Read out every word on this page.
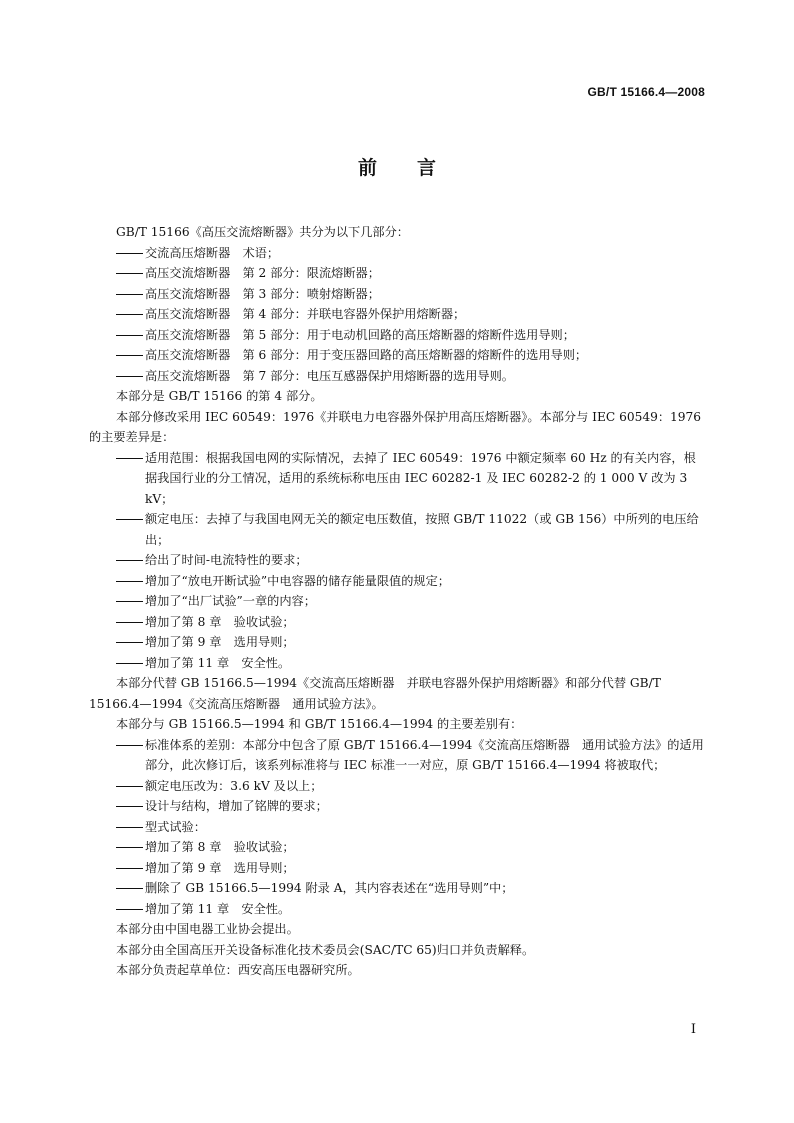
GB/T 15166.4—2008
前言

GB/T 15166《高压交流熔断器》共分为以下几部分：

交流高压熔断器　术语；

高压交流熔断器　第 2 部分：限流熔断器；

高压交流熔断器　第 3 部分：喷射熔断器；

高压交流熔断器　第 4 部分：并联电容器外保护用熔断器；

高压交流熔断器　第 5 部分：用于电动机回路的高压熔断器的熔断件选用导则；

高压交流熔断器　第 6 部分：用于变压器回路的高压熔断器的熔断件的选用导则；

高压交流熔断器　第 7 部分：电压互感器保护用熔断器的选用导则。

本部分是 GB/T 15166 的第 4 部分。

本部分修改采用 IEC 60549：1976《并联电力电容器外保护用高压熔断器》。本部分与 IEC 60549：1976 的主要差异是：

适用范围：根据我国电网的实际情况，去掉了 IEC 60549：1976 中额定频率 60 Hz 的有关内容，根据我国行业的分工情况，适用的系统标称电压由 IEC 60282-1 及 IEC 60282-2 的 1 000 V 改为 3 kV；

额定电压：去掉了与我国电网无关的额定电压数值，按照 GB/T 11022（或 GB 156）中所列的电压给出；

给出了时间-电流特性的要求；

增加了“放电开断试验”中电容器的储存能量限值的规定；

增加了“出厂试验”一章的内容；

增加了第 8 章　验收试验；

增加了第 9 章　选用导则；

增加了第 11 章　安全性。

本部分代替 GB 15166.5—1994《交流高压熔断器　并联电容器外保护用熔断器》和部分代替 GB/T 15166.4—1994《交流高压熔断器　通用试验方法》。

本部分与 GB 15166.5—1994 和 GB/T 15166.4—1994 的主要差别有：

标准体系的差别：本部分中包含了原 GB/T 15166.4—1994《交流高压熔断器　通用试验方法》的适用部分，此次修订后，该系列标准将与 IEC 标准一一对应，原 GB/T 15166.4—1994 将被取代；

额定电压改为：3.6 kV 及以上；

设计与结构，增加了铭牌的要求；

型式试验：

增加了第 8 章　验收试验；

增加了第 9 章　选用导则；

删除了 GB 15166.5—1994 附录 A，其内容表述在“选用导则”中；

增加了第 11 章　安全性。

本部分由中国电器工业协会提出。

本部分由全国高压开关设备标准化技术委员会(SAC/TC 65)归口并负责解释。

本部分负责起草单位：西安高压电器研究所。

I
